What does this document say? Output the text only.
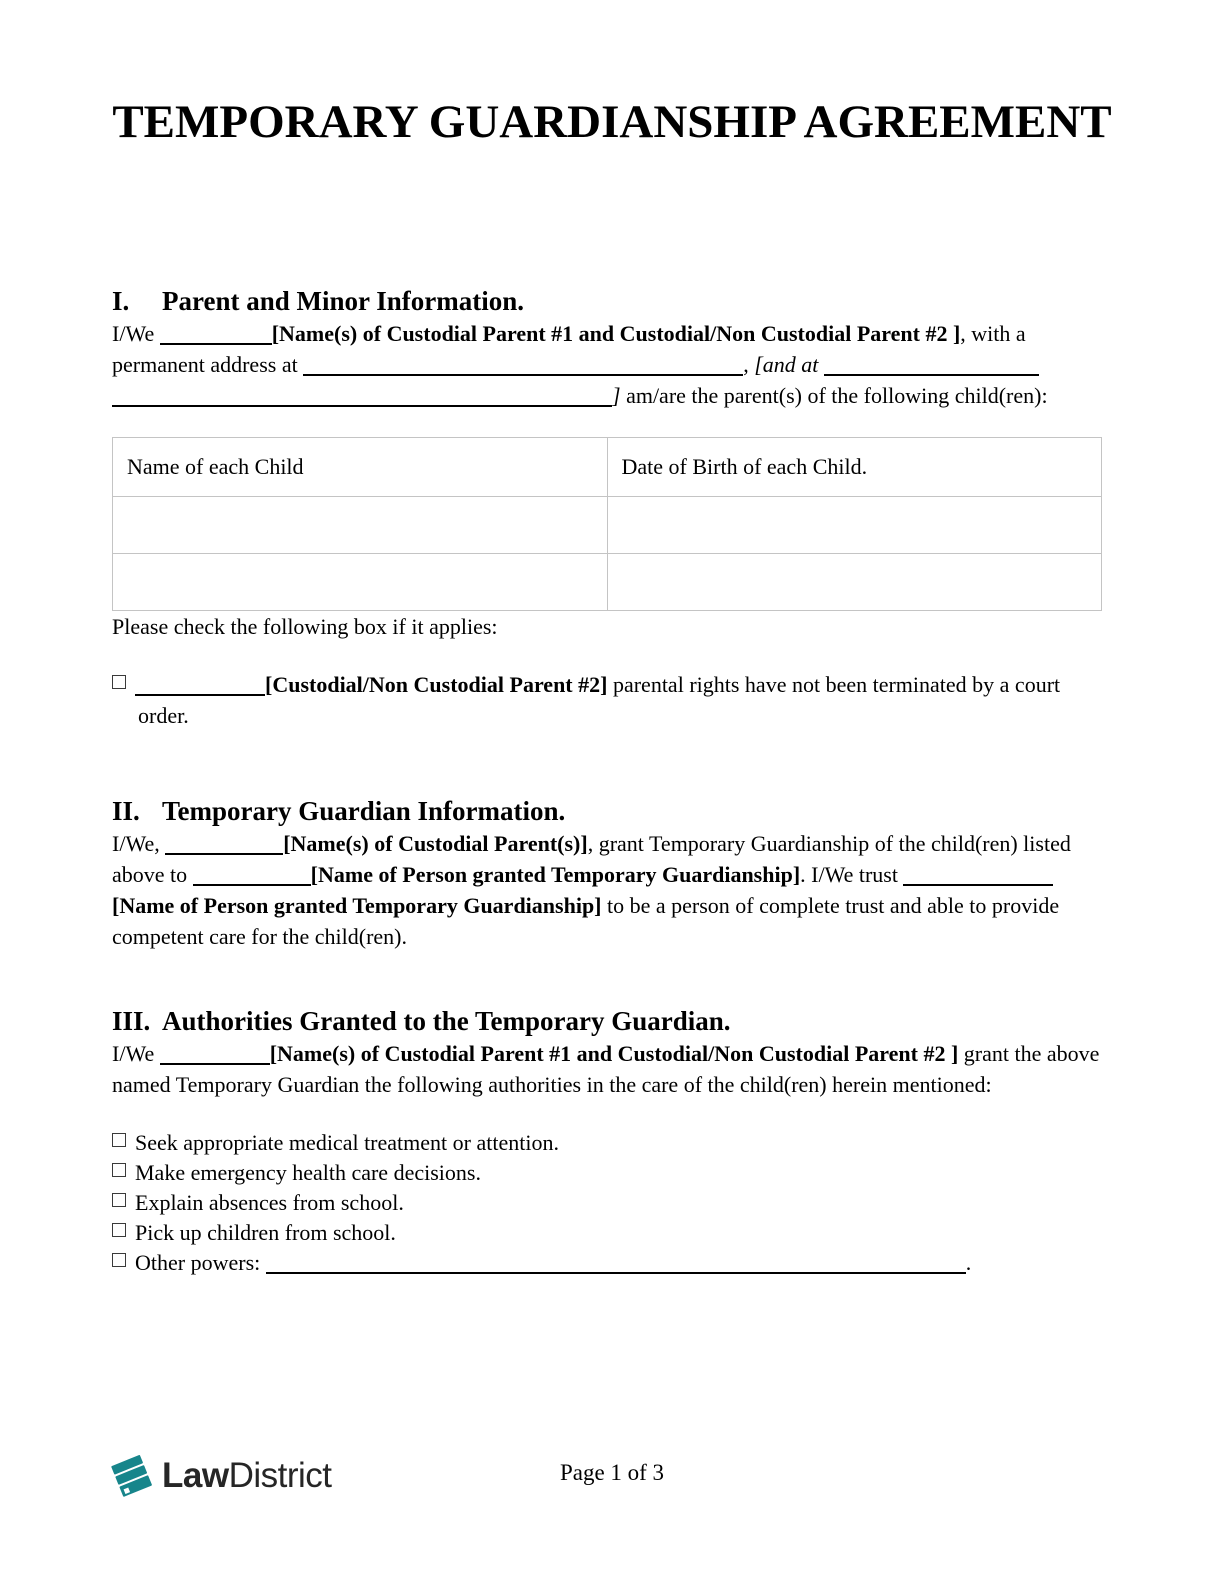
TEMPORARY GUARDIANSHIP AGREEMENT
I. Parent and Minor Information.

I/We	[Name(s) of Custodial Parent #1 and Custodial/Non Custodial Parent #2 ], with a permanent address at	, [and at  ] am/are the parent(s) of the following child(ren):

Name of each Child	Date of Birth of each Child.

Please check the following box if it applies:

[Custodial/Non Custodial Parent #2] parental rights have not been terminated by a court order.
II. Temporary Guardian Information.

I/We,	[Name(s) of Custodial Parent(s)], grant Temporary Guardianship of the child(ren) listed above to	[Name of Person granted Temporary Guardianship]. I/We trust [Name of Person granted Temporary Guardianship] to be a person of complete trust and able to provide competent care for the child(ren).

III. Authorities Granted to the Temporary Guardian.

I/We	[Name(s) of Custodial Parent #1 and Custodial/Non Custodial Parent #2 ] grant the above named Temporary Guardian the following authorities in the care of the child(ren) herein mentioned:

Seek appropriate medical treatment or attention.
Make emergency health care decisions.
Explain absences from school.
Pick up children from school.
Other powers:	.
LawDistrict	Page 1 of 3
